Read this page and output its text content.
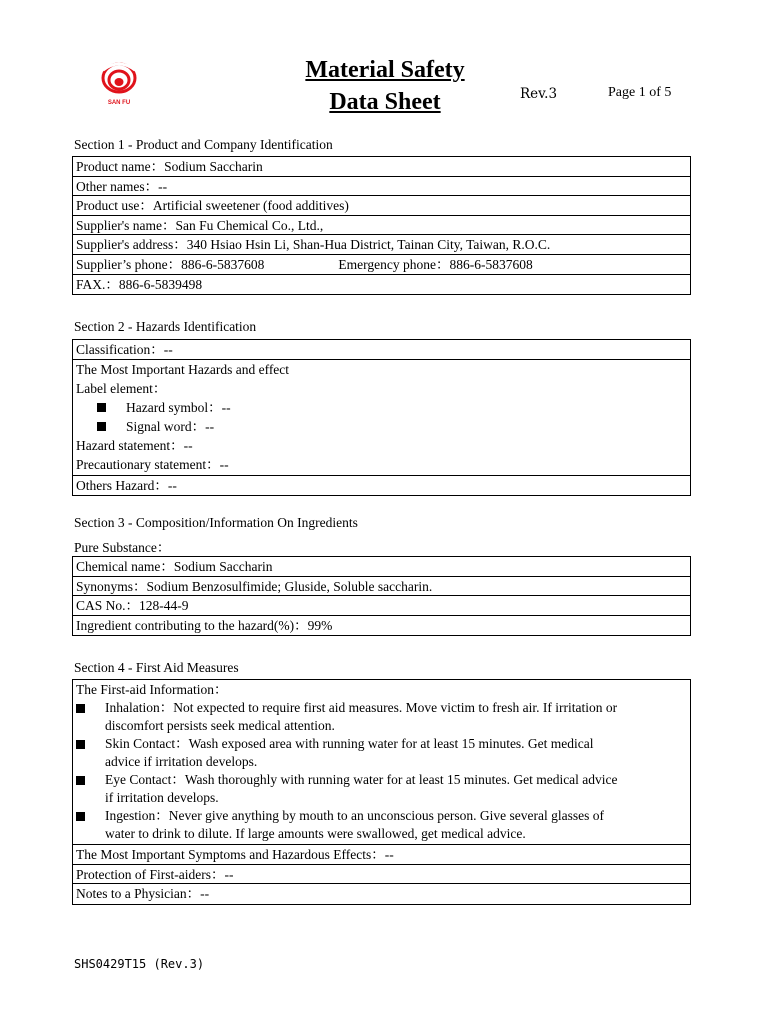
SAN FU
Material Safety
Data Sheet	Rev.3	Page 1 of 5
Section 1 - Product and Company Identification
Product name：Sodium Saccharin
Other names：--
Product use：Artificial sweetener (food additives)
Supplier's name：San Fu Chemical Co., Ltd.,
Supplier's address：340 Hsiao Hsin Li, Shan-Hua District, Tainan City, Taiwan, R.O.C.
Supplier’s phone：886-6-5837608	Emergency phone：886-6-5837608
FAX.：886-6-5839498
Section 2 - Hazards Identification
Classification：--
The Most Important Hazards and effect
Label element：
Hazard symbol：--
Signal word：--
Hazard statement：--
Precautionary statement：--
Others Hazard：--
Section 3 - Composition/Information On Ingredients
Pure Substance：
Chemical name：Sodium Saccharin
Synonyms：Sodium Benzosulfimide; Gluside, Soluble saccharin.
CAS No.：128-44-9
Ingredient contributing to the hazard(%)：99%
Section 4 - First Aid Measures
The First-aid Information：
Inhalation：Not expected to require first aid measures. Move victim to fresh air. If irritation or
discomfort persists seek medical attention.
Skin Contact：Wash exposed area with running water for at least 15 minutes. Get medical
advice if irritation develops.
Eye Contact：Wash thoroughly with running water for at least 15 minutes. Get medical advice
if irritation develops.
Ingestion：Never give anything by mouth to an unconscious person. Give several glasses of
water to drink to dilute. If large amounts were swallowed, get medical advice.
The Most Important Symptoms and Hazardous Effects：--
Protection of First-aiders：--
Notes to a Physician：--
SHS0429T15 (Rev.3)
